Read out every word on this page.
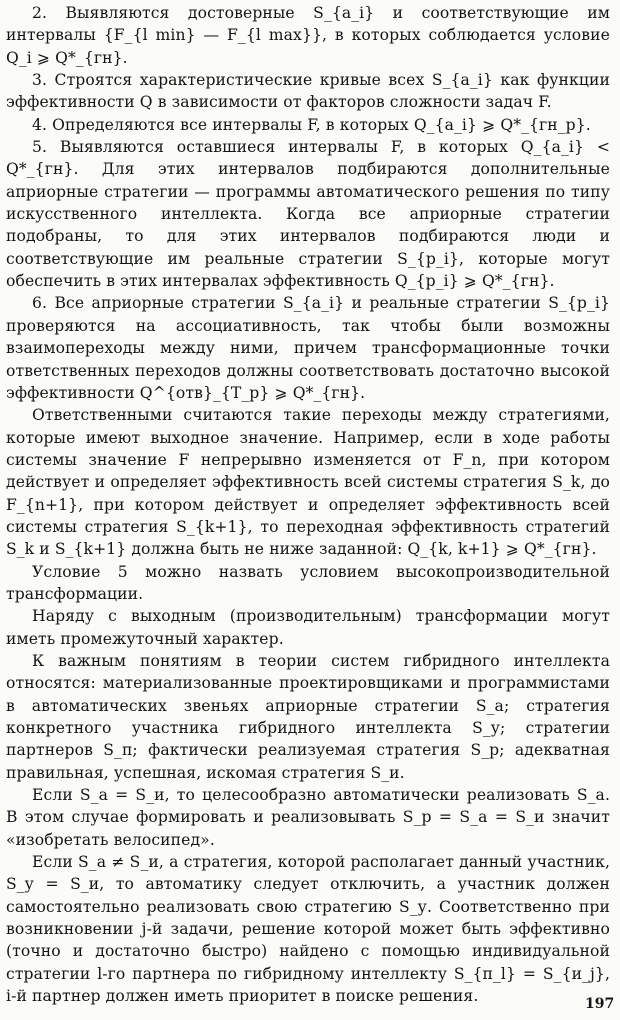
2. Выявляются достоверные S_{a_i} и соответствующие им интервалы {F_{l min} — F_{l max}}, в которых соблюдается условие Q_i ⩾ Q*_{гн}.

3. Строятся характеристические кривые всех S_{a_i} как функции эффективности Q в зависимости от факторов сложности задач F.

4. Определяются все интервалы F, в которых Q_{a_i} ⩾ Q*_{гн_p}.

5. Выявляются оставшиеся интервалы F, в которых Q_{a_i} < Q*_{гн}. Для этих интервалов подбираются дополнительные априорные стратегии — программы автоматического решения по типу искусственного интеллекта. Когда все априорные стратегии подобраны, то для этих интервалов подбираются люди и соответствующие им реальные стратегии S_{p_i}, которые могут обеспечить в этих интервалах эффективность Q_{p_i} ⩾ Q*_{гн}.

6. Все априорные стратегии S_{a_i} и реальные стратегии S_{p_i} проверяются на ассоциативность, так чтобы были возможны взаимопереходы между ними, причем трансформационные точки ответственных переходов должны соответствовать достаточно высокой эффективности Q^{отв}_{Т_р} ⩾ Q*_{гн}.

Ответственными считаются такие переходы между стратегиями, которые имеют выходное значение. Например, если в ходе работы системы значение F непрерывно изменяется от F_n, при котором действует и определяет эффективность всей системы стратегия S_k, до F_{n+1}, при котором действует и определяет эффективность всей системы стратегия S_{k+1}, то переходная эффективность стратегий S_k и S_{k+1} должна быть не ниже заданной: Q_{k, k+1} ⩾ Q*_{гн}.

Условие 5 можно назвать условием высокопроизводительной трансформации.

Наряду с выходным (производительным) трансформации могут иметь промежуточный характер.

К важным понятиям в теории систем гибридного интеллекта относятся: материализованные проектировщиками и программистами в автоматических звеньях априорные стратегии S_а; стратегия конкретного участника гибридного интеллекта S_у; стратегии партнеров S_п; фактически реализуемая стратегия S_р; адекватная правильная, успешная, искомая стратегия S_и.

Если S_а = S_и, то целесообразно автоматически реализовать S_а. В этом случае формировать и реализовывать S_р = S_а = S_и значит «изобретать велосипед».

Если S_а ≠ S_и, а стратегия, которой располагает данный участник, S_у = S_и, то автоматику следует отключить, а участник должен самостоятельно реализовать свою стратегию S_у. Соответственно при возникновении j-й задачи, решение которой может быть эффективно (точно и достаточно быстро) найдено с помощью индивидуальной стратегии l-го партнера по гибридному интеллекту S_{п_l} = S_{и_j}, i-й партнер должен иметь приоритет в поиске решения.	197
